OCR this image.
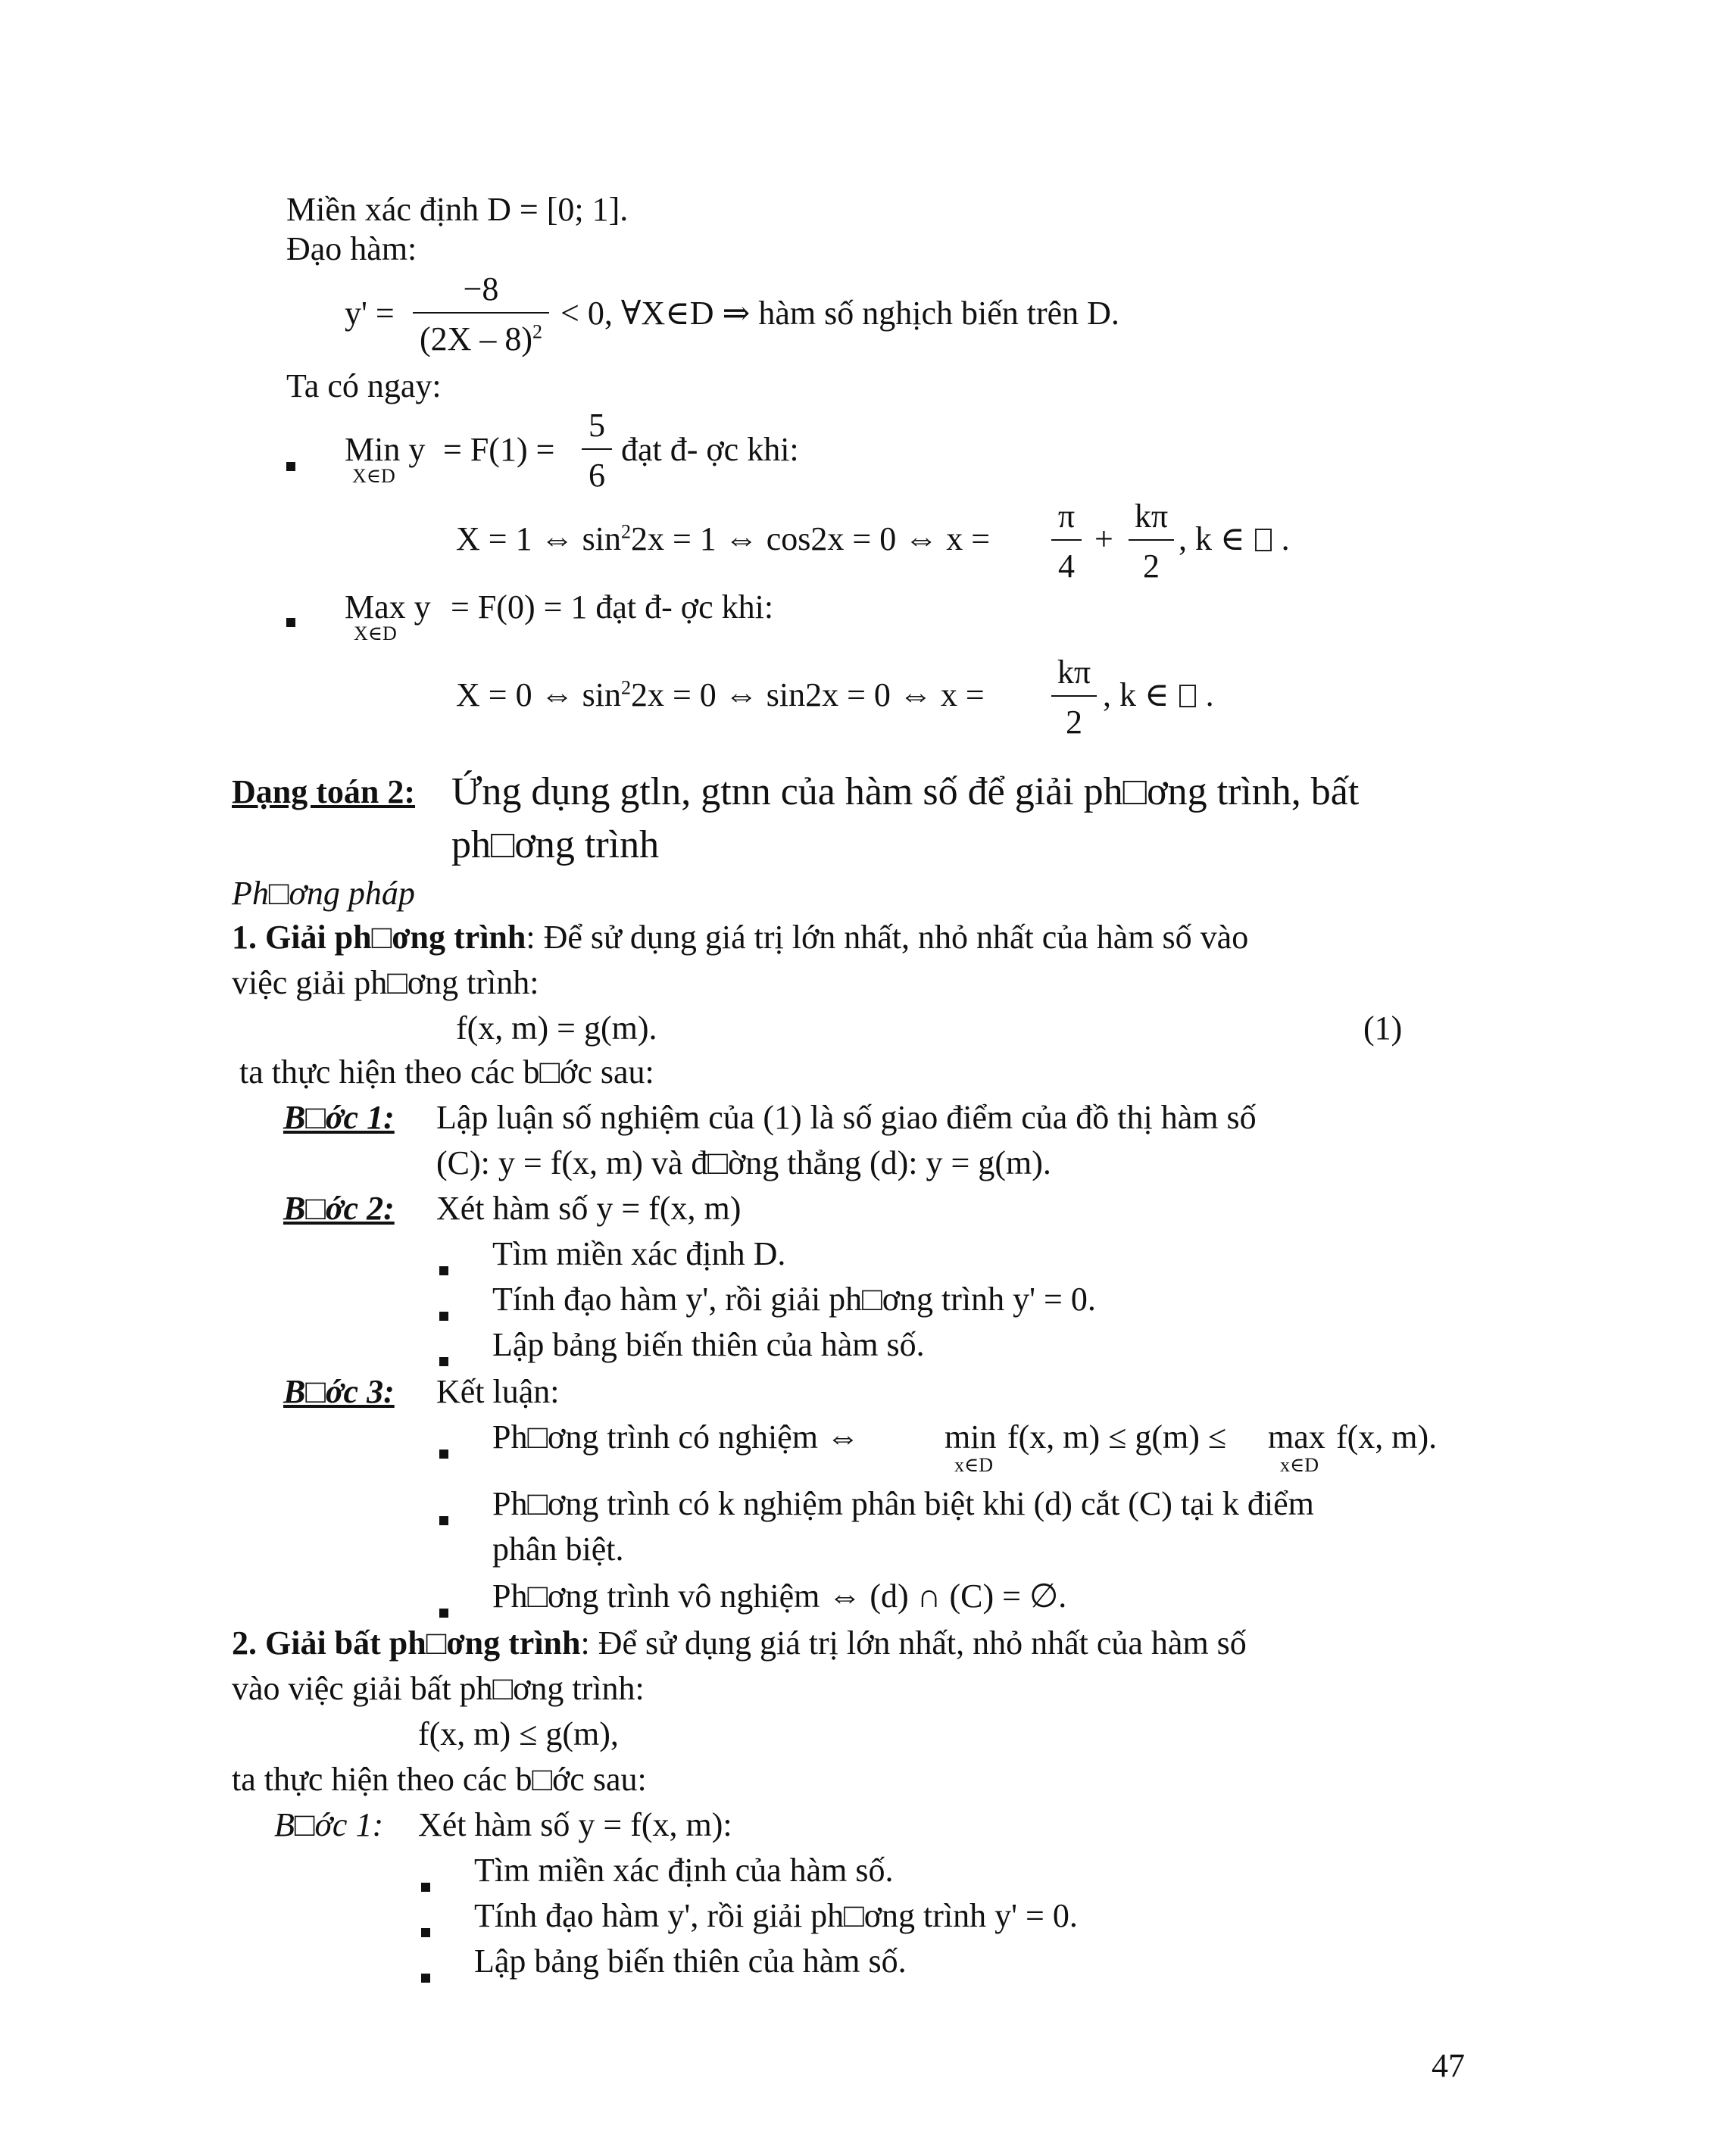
Miền xác định D = [0; 1].
Đạo hàm:
y' =
−8
(2X – 8)$^2$ < 0, ∀X∈D ⇒ hàm số nghịch biến trên D.
Ta có ngay:
Min y
X∈D
= F(1) =
5
6
đạt đ- ợc khi:
X = 1 ⇔ $\sin^22x = 1$ ⇔ cos2x = 0 ⇔ x =
π
4
+
kπ
2
, k ∈ .
Max y
X∈D
= F(0) = 1 đạt đ- ợc khi:
X = 0 ⇔ $\sin^22x = 0$ ⇔ sin2x = 0 ⇔ x =
kπ
2
, k ∈ .
Dạng toán 2: Ứng dụng gtln, gtnn của hàm số để giải ph□ơng trình, bất
ph□ơng trình
Ph□ơng pháp
1. Giải ph□ơng trình: Để sử dụng giá trị lớn nhất, nhỏ nhất của hàm số vào
việc giải ph□ơng trình:
f(x, m) = g(m).	(1)
ta thực hiện theo các b□ớc sau:
B□ớc 1: Lập luận số nghiệm của (1) là số giao điểm của đồ thị hàm số
(C): y = f(x, m) và đ□ờng thẳng (d): y = g(m).
B□ớc 2: Xét hàm số y = f(x, m)
Tìm miền xác định D.
Tính đạo hàm y', rồi giải ph□ơng trình y' = 0.
Lập bảng biến thiên của hàm số.
B□ớc 3: Kết luận:
Ph□ơng trình có nghiệm ⇔	min
x∈D
f(x, m) ≤ g(m) ≤ max
x∈D
f(x, m).
Ph□ơng trình có k nghiệm phân biệt khi (d) cắt (C) tại k điểm
phân biệt.
Ph□ơng trình vô nghiệm ⇔ (d) ∩ (C) = ∅.
2. Giải bất ph□ơng trình: Để sử dụng giá trị lớn nhất, nhỏ nhất của hàm số
vào việc giải bất ph□ơng trình:
f(x, m) ≤ g(m),
ta thực hiện theo các b□ớc sau:
B□ớc 1: Xét hàm số y = f(x, m):
Tìm miền xác định của hàm số.
Tính đạo hàm y', rồi giải ph□ơng trình y' = 0.
Lập bảng biến thiên của hàm số.
47
